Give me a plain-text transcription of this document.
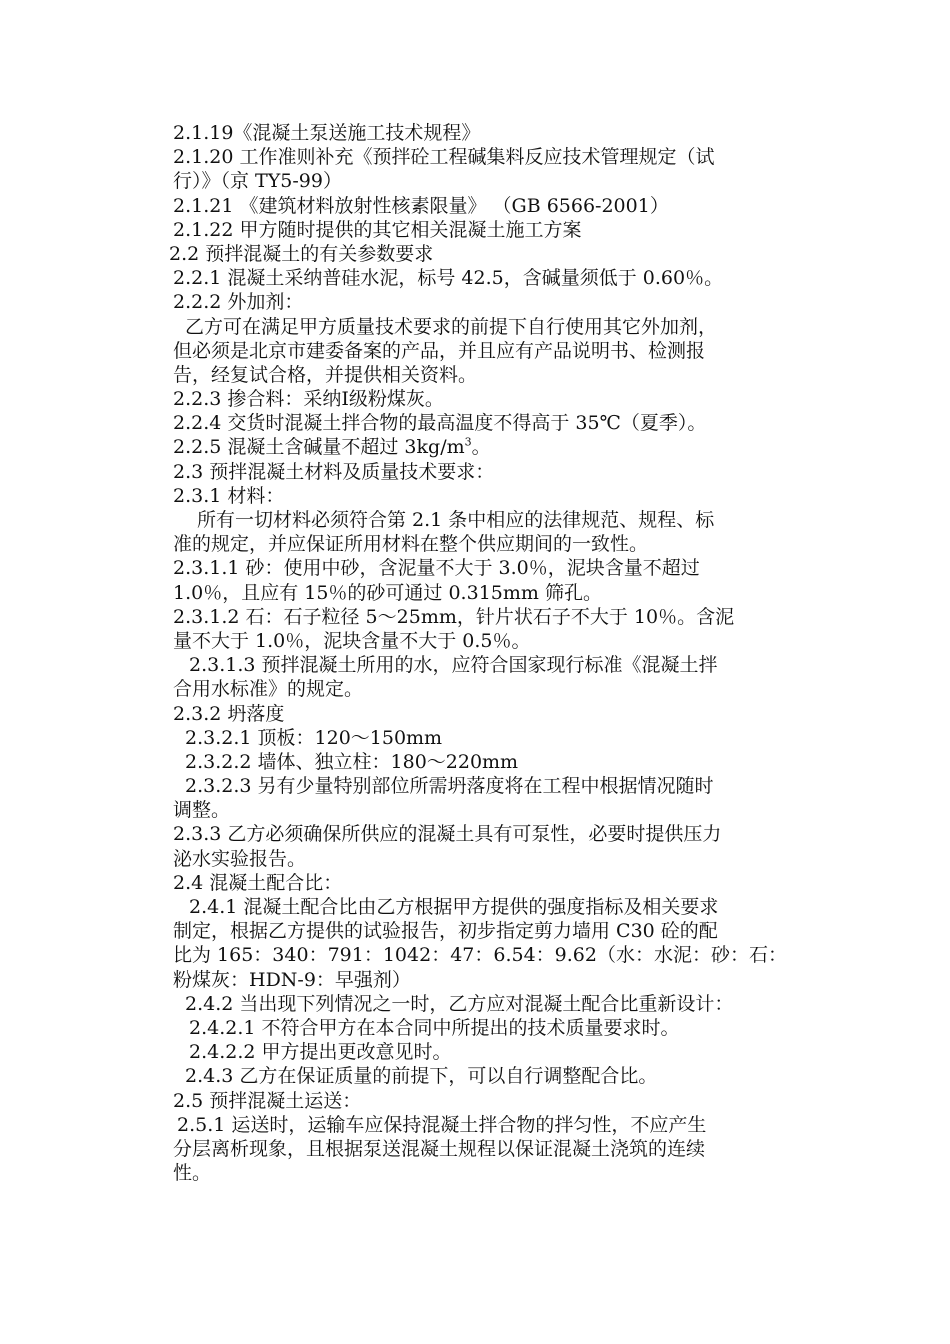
2.1.19《混凝土泵送施工技术规程》
2.1.20 工作准则补充《预拌砼工程碱集料反应技术管理规定（试
行）》（京 TY5-99）
2.1.21 《建筑材料放射性核素限量》 （GB 6566-2001）
2.1.22 甲方随时提供的其它相关混凝土施工方案
2.2 预拌混凝土的有关参数要求
2.2.1 混凝土采纳普硅水泥，标号 42.5，含碱量须低于 0.60％。
2.2.2 外加剂：
乙方可在满足甲方质量技术要求的前提下自行使用其它外加剂，
但必须是北京市建委备案的产品，并且应有产品说明书、检测报
告，经复试合格，并提供相关资料。
2.2.3 掺合料：采纳Ⅰ级粉煤灰。
2.2.4 交货时混凝土拌合物的最高温度不得高于 35℃（夏季）。
2.2.5 混凝土含碱量不超过 $3kg/m^3$。
2.3 预拌混凝土材料及质量技术要求：
2.3.1 材料：
所有一切材料必须符合第 2.1 条中相应的法律规范、规程、标
准的规定，并应保证所用材料在整个供应期间的一致性。
2.3.1.1 砂：使用中砂，含泥量不大于 3.0％，泥块含量不超过
1.0％，且应有 15％的砂可通过 0.315mm 筛孔。
2.3.1.2 石：石子粒径 5～25mm，针片状石子不大于 10％。含泥
量不大于 1.0％，泥块含量不大于 0.5％。
2.3.1.3 预拌混凝土所用的水，应符合国家现行标准《混凝土拌
合用水标准》的规定。
2.3.2 坍落度
2.3.2.1 顶板：120～150mm
2.3.2.2 墙体、独立柱：180～220mm
2.3.2.3 另有少量特别部位所需坍落度将在工程中根据情况随时
调整。
2.3.3 乙方必须确保所供应的混凝土具有可泵性，必要时提供压力
泌水实验报告。
2.4 混凝土配合比：
2.4.1 混凝土配合比由乙方根据甲方提供的强度指标及相关要求
制定，根据乙方提供的试验报告，初步指定剪力墙用 C30 砼的配
比为 165：340：791：1042：47：6.54：9.62（水：水泥：砂：石：
粉煤灰：HDN-9：早强剂）
2.4.2 当出现下列情况之一时，乙方应对混凝土配合比重新设计：
2.4.2.1 不符合甲方在本合同中所提出的技术质量要求时。
2.4.2.2 甲方提出更改意见时。
2.4.3 乙方在保证质量的前提下，可以自行调整配合比。
2.5 预拌混凝土运送：
2.5.1 运送时，运输车应保持混凝土拌合物的拌匀性，不应产生
分层离析现象，且根据泵送混凝土规程以保证混凝土浇筑的连续
性。
